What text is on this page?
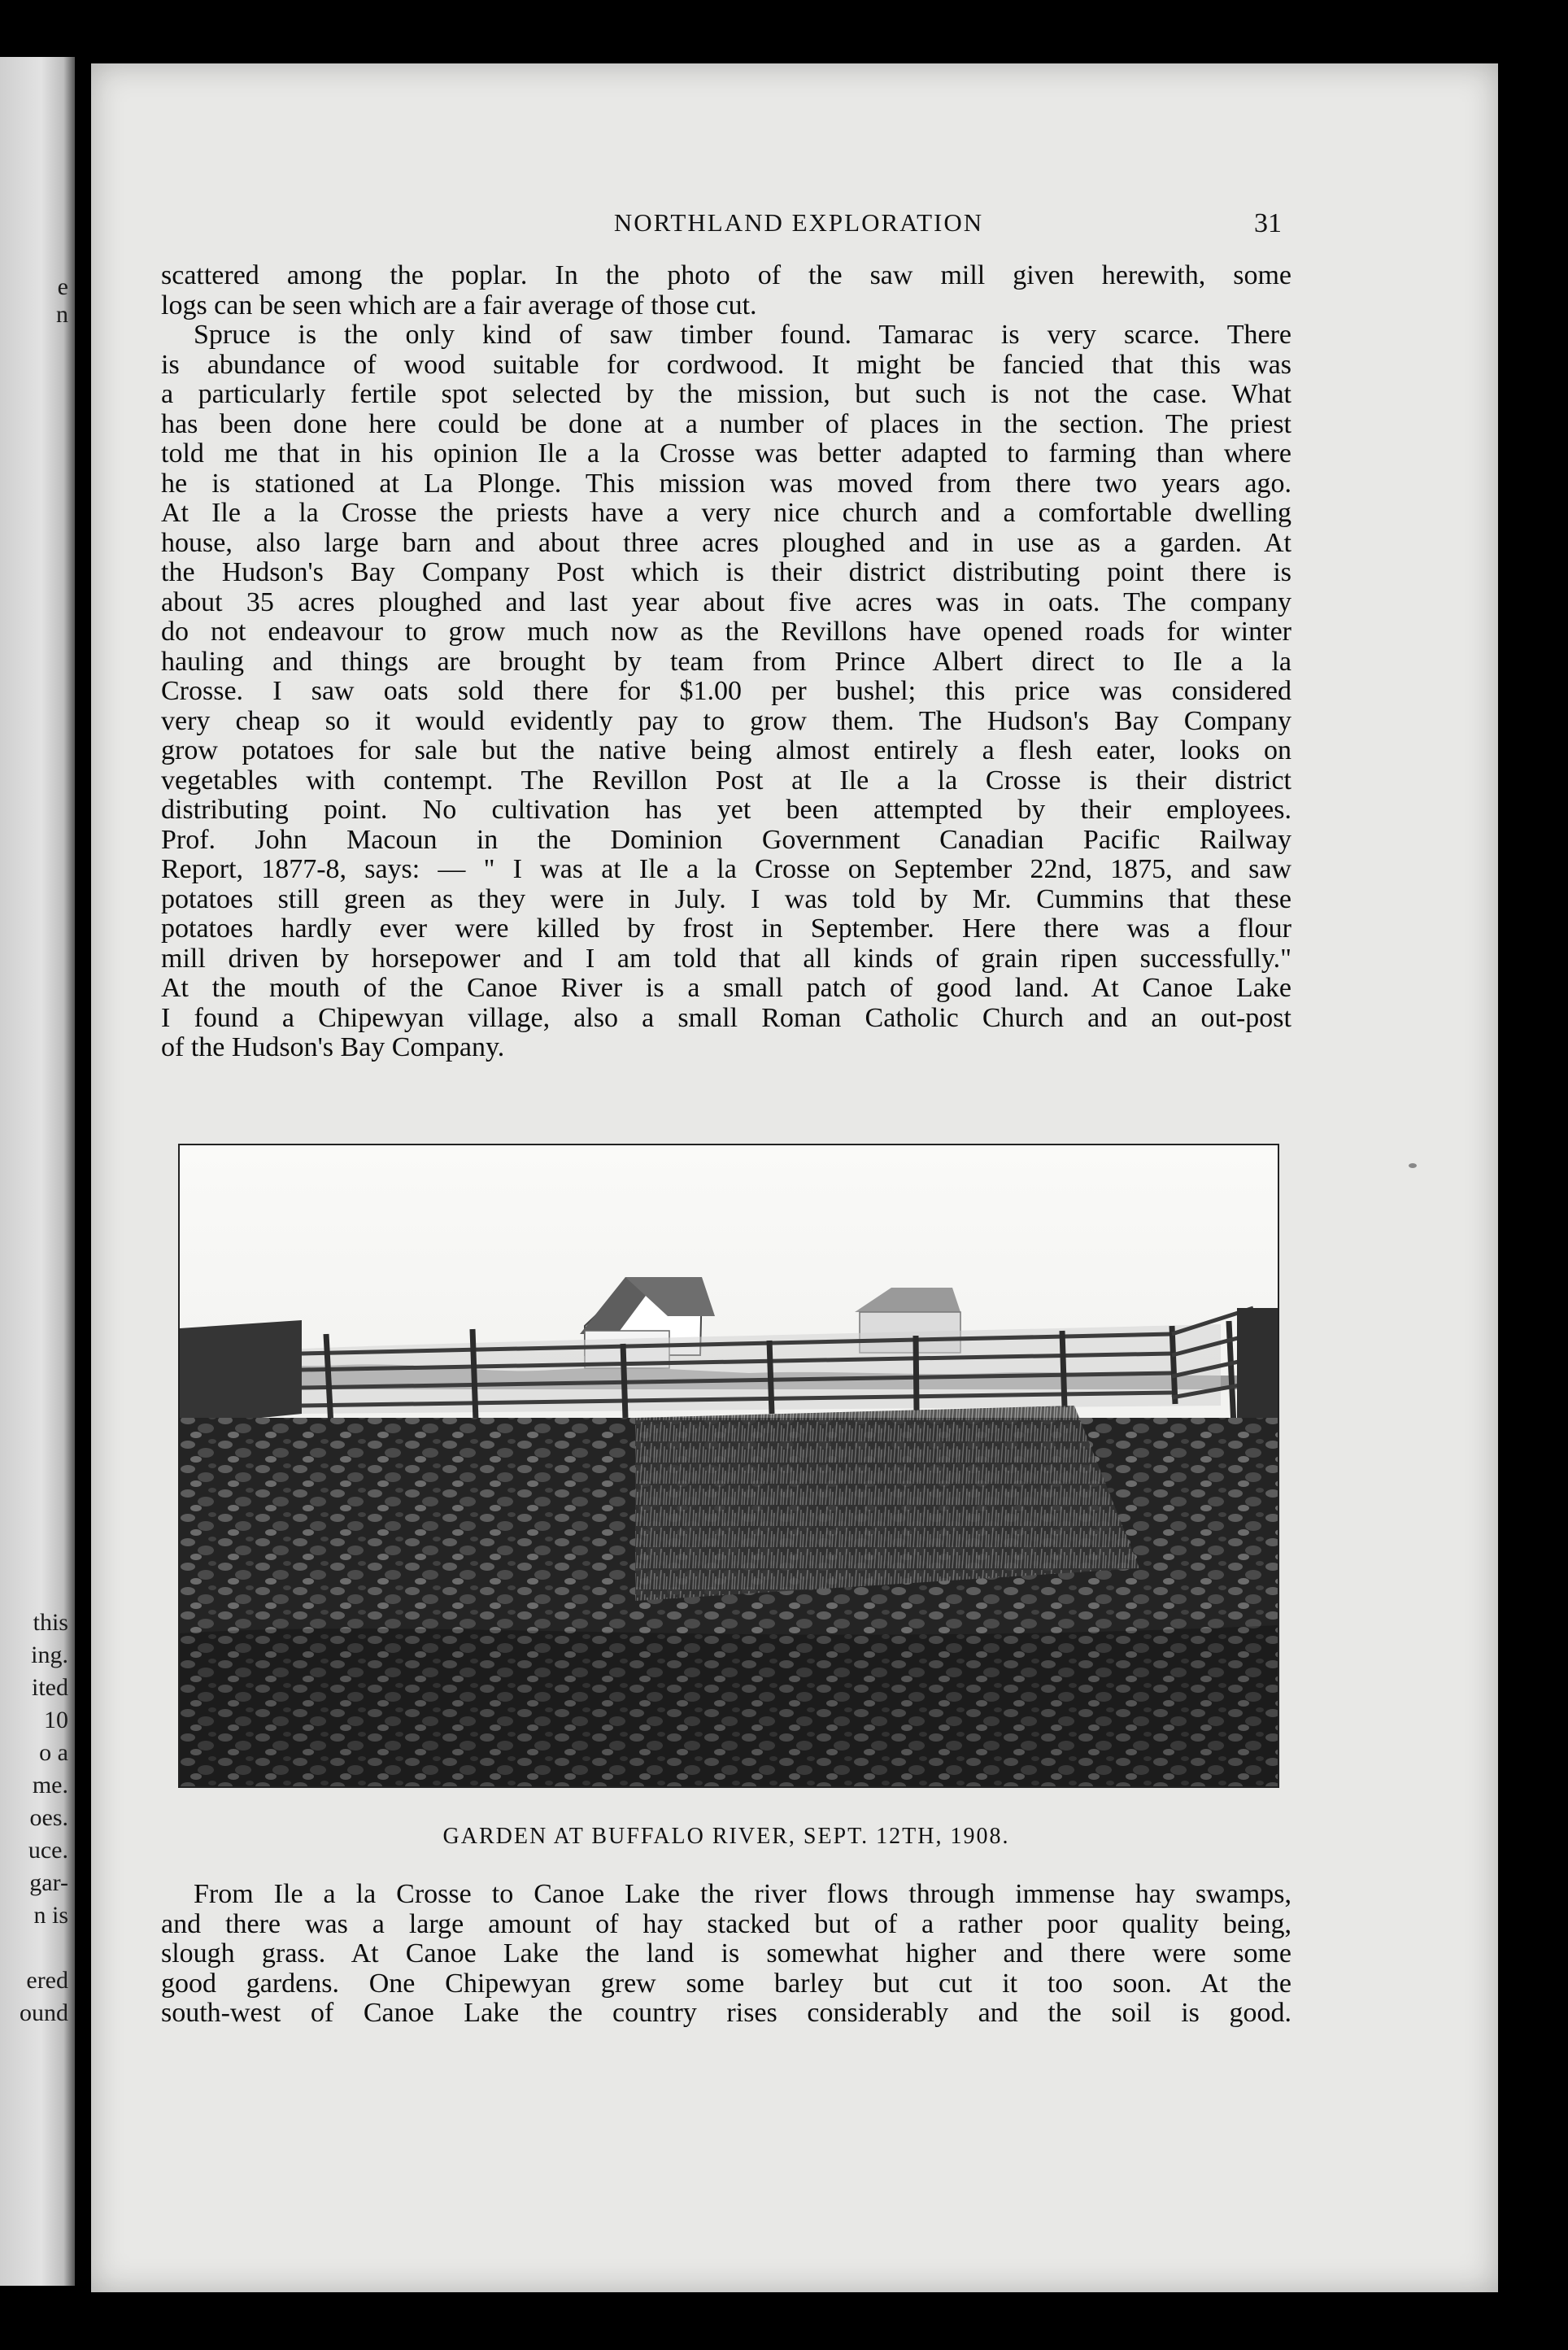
e
n
this
ing.
ited
10
o a
me.
oes.
uce.
gar-
n is
ered
ound
NORTHLAND EXPLORATION	31
scattered among the poplar. In the photo of the saw mill given herewith, some
logs can be seen which are a fair average of those cut.
Spruce is the only kind of saw timber found. Tamarac is very scarce. There
is abundance of wood suitable for cordwood. It might be fancied that this was
a particularly fertile spot selected by the mission, but such is not the case. What
has been done here could be done at a number of places in the section. The priest
told me that in his opinion Ile a la Crosse was better adapted to farming than where
he is stationed at La Plonge. This mission was moved from there two years ago.
At Ile a la Crosse the priests have a very nice church and a comfortable dwelling
house, also large barn and about three acres ploughed and in use as a garden. At
the Hudson's Bay Company Post which is their district distributing point there is
about 35 acres ploughed and last year about five acres was in oats. The company
do not endeavour to grow much now as the Revillons have opened roads for winter
hauling and things are brought by team from Prince Albert direct to Ile a la
Crosse. I saw oats sold there for $1.00 per bushel; this price was considered
very cheap so it would evidently pay to grow them. The Hudson's Bay Company
grow potatoes for sale but the native being almost entirely a flesh eater, looks on
vegetables with contempt. The Revillon Post at Ile a la Crosse is their district
distributing point. No cultivation has yet been attempted by their employees.
Prof. John Macoun in the Dominion Government Canadian Pacific Railway
Report, 1877-8, says: — " I was at Ile a la Crosse on September 22nd, 1875, and saw
potatoes still green as they were in July. I was told by Mr. Cummins that these
potatoes hardly ever were killed by frost in September. Here there was a flour
mill driven by horsepower and I am told that all kinds of grain ripen successfully."
At the mouth of the Canoe River is a small patch of good land. At Canoe Lake
I found a Chipewyan village, also a small Roman Catholic Church and an out-post
of the Hudson's Bay Company.
GARDEN AT BUFFALO RIVER, SEPT. 12TH, 1908.
From Ile a la Crosse to Canoe Lake the river flows through immense hay swamps,
and there was a large amount of hay stacked but of a rather poor quality being,
slough grass. At Canoe Lake the land is somewhat higher and there were some
good gardens. One Chipewyan grew some barley but cut it too soon. At the
south-west of Canoe Lake the country rises considerably and the soil is good.
